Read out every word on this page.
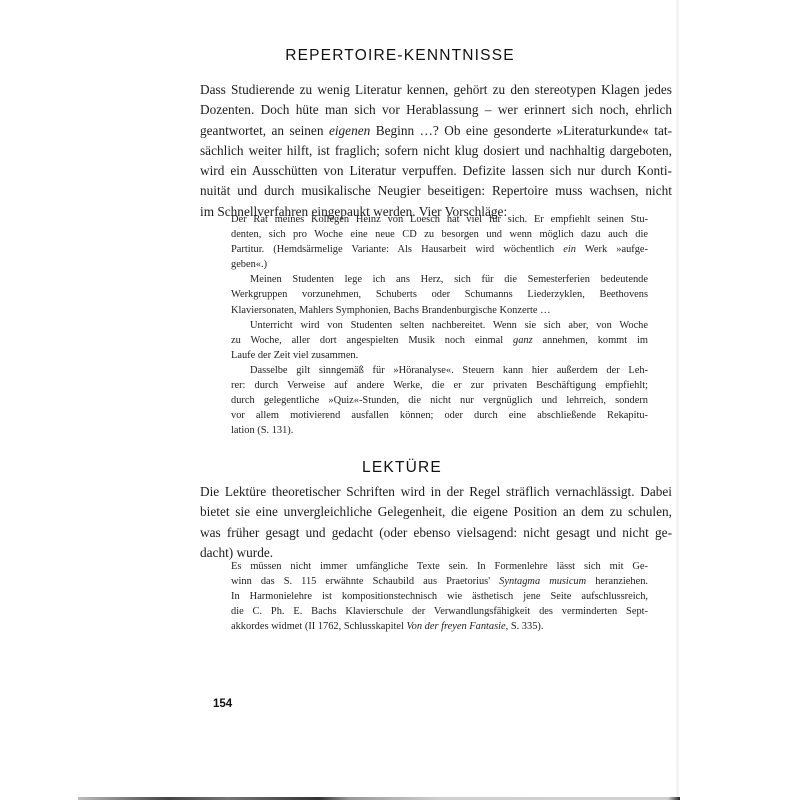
REPERTOIRE-KENNTNISSE
Dass Studierende zu wenig Literatur kennen, gehört zu den stereotypen Klagen jedes
Dozenten. Doch hüte man sich vor Herablassung – wer erinnert sich noch, ehrlich
geantwortet, an seinen eigenen Beginn …? Ob eine gesonderte »Literaturkunde« tat-
sächlich weiter hilft, ist fraglich; sofern nicht klug dosiert und nachhaltig dargeboten,
wird ein Ausschütten von Literatur verpuffen. Defizite lassen sich nur durch Konti-
nuität und durch musikalische Neugier beseitigen: Repertoire muss wachsen, nicht
im Schnellverfahren eingepaukt werden. Vier Vorschläge:

Der Rat meines Kollegen Heinz von Loesch hat viel für sich. Er empfiehlt seinen Stu-
denten, sich pro Woche eine neue CD zu besorgen und wenn möglich dazu auch die
Partitur. (Hemdsärmelige Variante: Als Hausarbeit wird wöchentlich ein Werk »aufge-
geben«.)

Meinen Studenten lege ich ans Herz, sich für die Semesterferien bedeutende
Werkgruppen vorzunehmen, Schuberts oder Schumanns Liederzyklen, Beethovens
Klaviersonaten, Mahlers Symphonien, Bachs Brandenburgische Konzerte …

Unterricht wird von Studenten selten nachbereitet. Wenn sie sich aber, von Woche
zu Woche, aller dort angespielten Musik noch einmal ganz annehmen, kommt im
Laufe der Zeit viel zusammen.

Dasselbe gilt sinngemäß für »Höranalyse«. Steuern kann hier außerdem der Leh-
rer: durch Verweise auf andere Werke, die er zur privaten Beschäftigung empfiehlt;
durch gelegentliche »Quiz«-Stunden, die nicht nur vergnüglich und lehrreich, sondern
vor allem motivierend ausfallen können; oder durch eine abschließende Rekapitu-
lation (S. 131).

LEKTÜRE
Die Lektüre theoretischer Schriften wird in der Regel sträflich vernachlässigt. Dabei
bietet sie eine unvergleichliche Gelegenheit, die eigene Position an dem zu schulen,
was früher gesagt und gedacht (oder ebenso vielsagend: nicht gesagt und nicht ge-
dacht) wurde.

Es müssen nicht immer umfängliche Texte sein. In Formenlehre lässt sich mit Ge-
winn das S. 115 erwähnte Schaubild aus Praetorius' Syntagma musicum heranziehen.
In Harmonielehre ist kompositionstechnisch wie ästhetisch jene Seite aufschlussreich,
die C. Ph. E. Bachs Klavierschule der Verwandlungsfähigkeit des verminderten Sept-
akkordes widmet (II 1762, Schlusskapitel Von der freyen Fantasie, S. 335).

154
